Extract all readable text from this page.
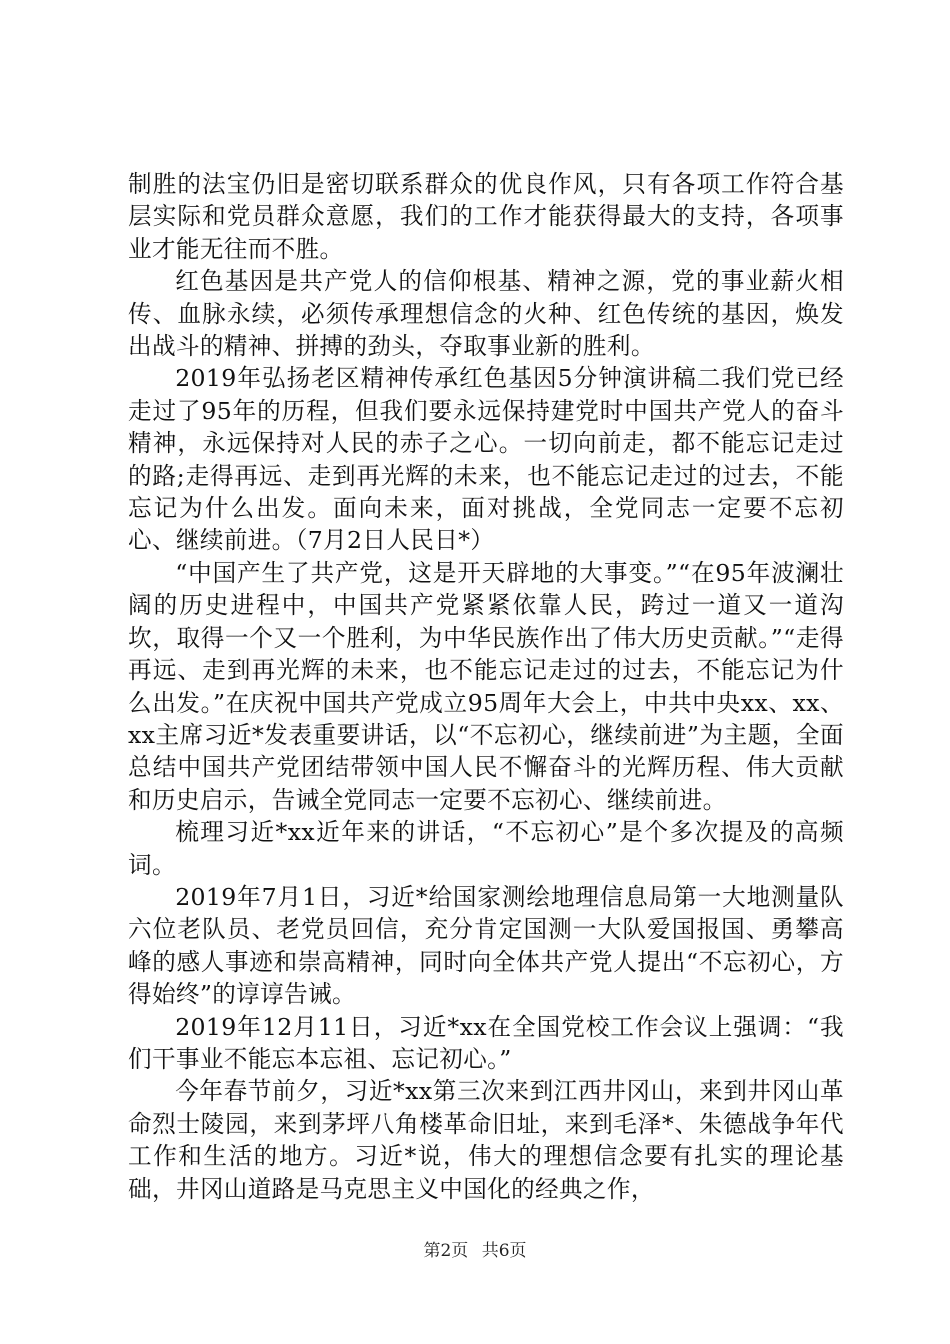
制胜的法宝仍旧是密切联系群众的优良作风，只有各项工作符合基层实际和党员群众意愿，我们的工作才能获得最大的支持，各项事业才能无往而不胜。

红色基因是共产党人的信仰根基、精神之源，党的事业薪火相传、血脉永续，必须传承理想信念的火种、红色传统的基因，焕发出战斗的精神、拼搏的劲头，夺取事业新的胜利。

2019年弘扬老区精神传承红色基因5分钟演讲稿二我们党已经走过了95年的历程，但我们要永远保持建党时中国共产党人的奋斗精神，永远保持对人民的赤子之心。一切向前走，都不能忘记走过的路;走得再远、走到再光辉的未来，也不能忘记走过的过去，不能忘记为什么出发。面向未来，面对挑战，全党同志一定要不忘初心、继续前进。（7月2日人民日*）

“中国产生了共产党，这是开天辟地的大事变。”“在95年波澜壮阔的历史进程中，中国共产党紧紧依靠人民，跨过一道又一道沟坎，取得一个又一个胜利，为中华民族作出了伟大历史贡献。”“走得再远、走到再光辉的未来，也不能忘记走过的过去，不能忘记为什么出发。”在庆祝中国共产党成立95周年大会上，中共中央xx、xx、xx主席习近*发表重要讲话，以“不忘初心，继续前进”为主题，全面总结中国共产党团结带领中国人民不懈奋斗的光辉历程、伟大贡献和历史启示，告诫全党同志一定要不忘初心、继续前进。

梳理习近*xx近年来的讲话，“不忘初心”是个多次提及的高频词。

2019年7月1日，习近*给国家测绘地理信息局第一大地测量队六位老队员、老党员回信，充分肯定国测一大队爱国报国、勇攀高峰的感人事迹和崇高精神，同时向全体共产党人提出“不忘初心，方得始终”的谆谆告诫。

2019年12月11日，习近*xx在全国党校工作会议上强调：“我们干事业不能忘本忘祖、忘记初心。”

今年春节前夕，习近*xx第三次来到江西井冈山，来到井冈山革命烈士陵园，来到茅坪八角楼革命旧址，来到毛泽*、朱德战争年代工作和生活的地方。习近*说，伟大的理想信念要有扎实的理论基础，井冈山道路是马克思主义中国化的经典之作，

第2页 共6页
